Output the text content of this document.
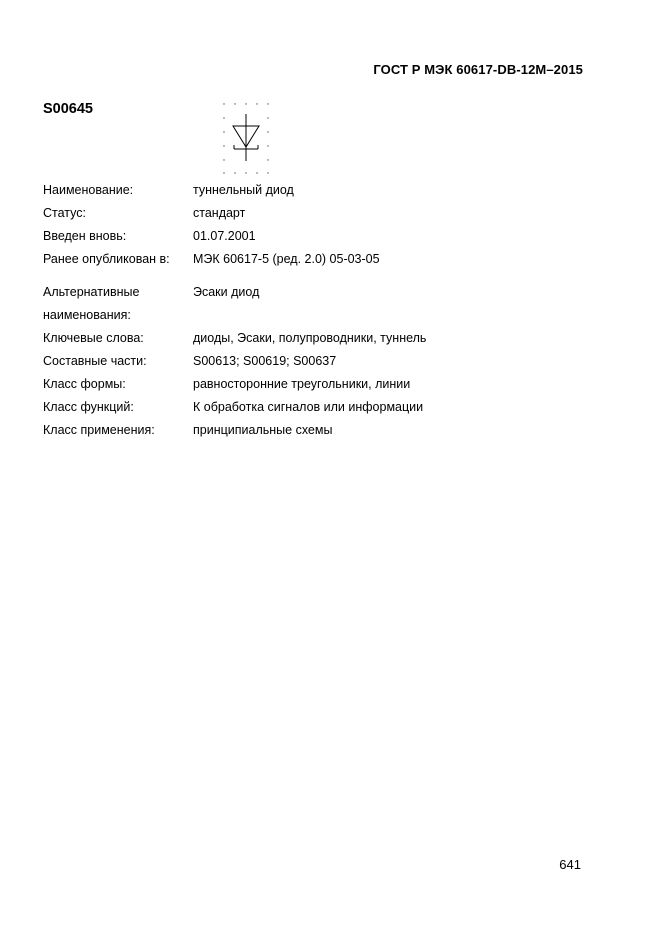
ГОСТ Р МЭК 60617-DB-12M–2015
S00645
Наименование:	туннельный диод
Статус:	стандарт
Введен вновь:	01.07.2001
Ранее опубликован в:	МЭК 60617-5 (ред. 2.0) 05-03-05
Альтернативные	Эсаки диод
наименования:
Ключевые слова:	диоды, Эсаки, полупроводники, туннель
Составные части:	S00613; S00619; S00637
Класс формы:	равносторонние треугольники, линии
Класс функций:	К обработка сигналов или информации
Класс применения:	принципиальные схемы
641
